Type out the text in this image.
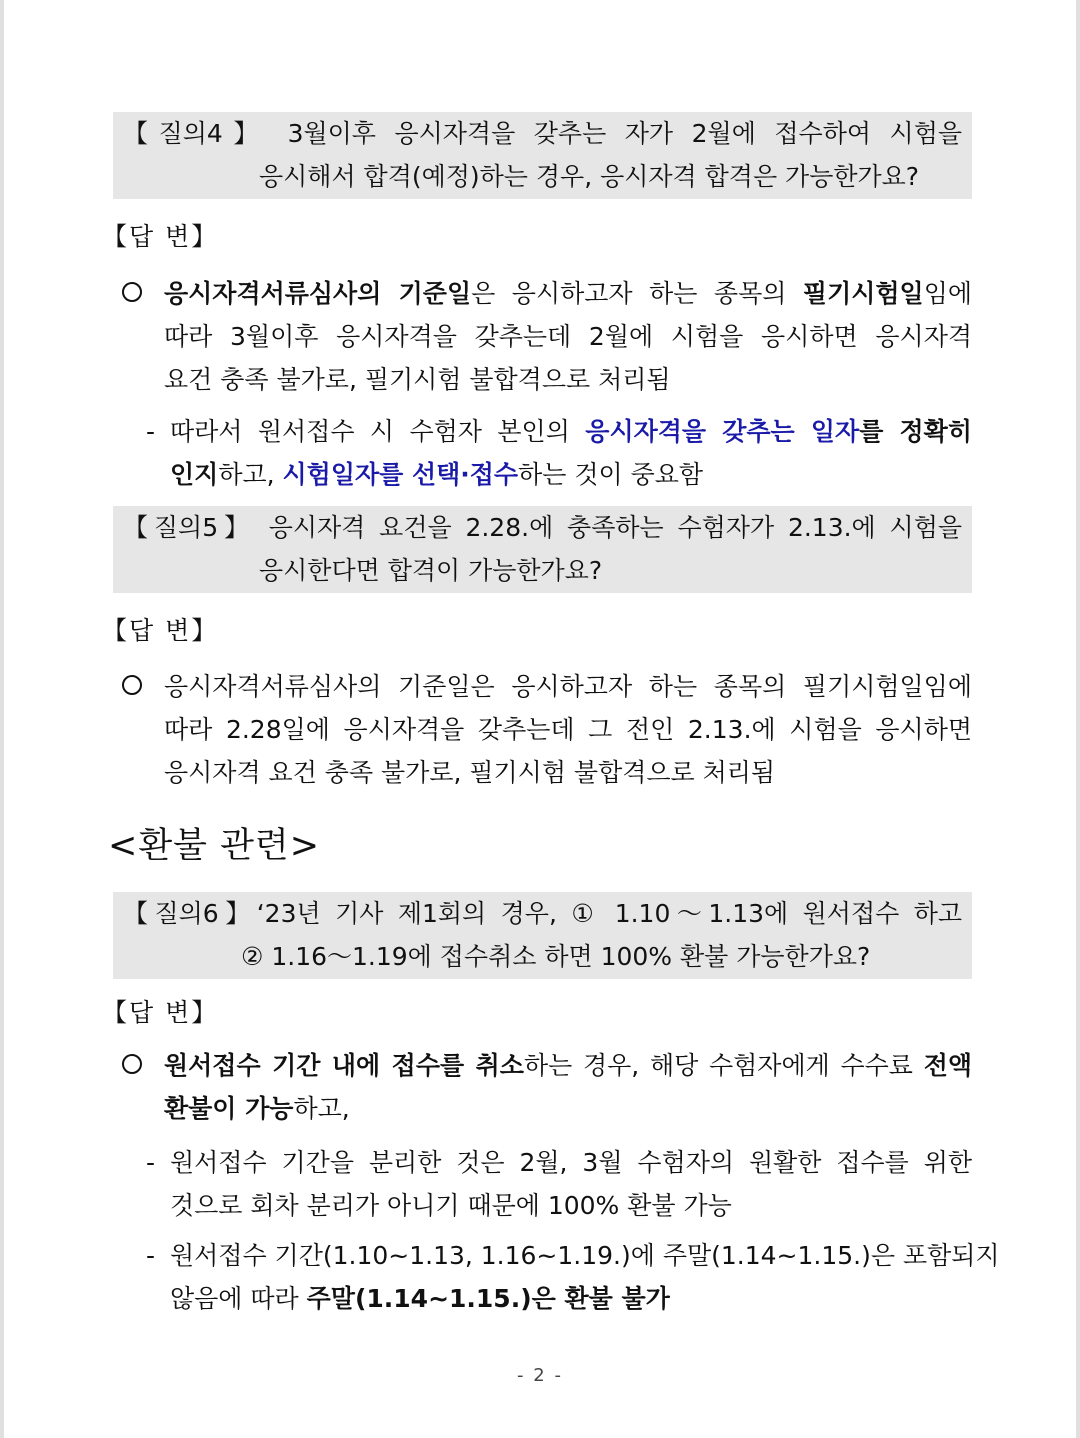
【질의4】 3월이후 응시자격을 갖추는 자가 2월에 접수하여 시험을
응시해서 합격(예정)하는 경우, 응시자격 합격은 가능한가요?
【답 변】
응시자격서류심사의 기준일은 응시하고자 하는 종목의 필기시험일임에
따라 3월이후 응시자격을 갖추는데 2월에 시험을 응시하면 응시자격
요건 충족 불가로, 필기시험 불합격으로 처리됨
- 따라서 원서접수 시 수험자 본인의 응시자격을 갖추는 일자를 정확히
인지하고, 시험일자를 선택·접수하는 것이 중요함
【질의5】 응시자격 요건을 2.28.에 충족하는 수험자가 2.13.에 시험을
응시한다면 합격이 가능한가요?
【답 변】
응시자격서류심사의 기준일은 응시하고자 하는 종목의 필기시험일임에
따라 2.28일에 응시자격을 갖추는데 그 전인 2.13.에 시험을 응시하면
응시자격 요건 충족 불가로, 필기시험 불합격으로 처리됨
<환불 관련>
【질의6】‘23년 기사 제1회의 경우, ① 1.10～1.13에 원서접수 하고
② 1.16～1.19에 접수취소 하면 100% 환불 가능한가요?
【답 변】
원서접수 기간 내에 접수를 취소하는 경우, 해당 수험자에게 수수료 전액
환불이 가능하고,
- 원서접수 기간을 분리한 것은 2월, 3월 수험자의 원활한 접수를 위한
것으로 회차 분리가 아니기 때문에 100% 환불 가능
- 원서접수 기간(1.10~1.13, 1.16~1.19.)에 주말(1.14~1.15.)은 포함되지
않음에 따라 주말(1.14~1.15.)은 환불 불가
- 2 -
